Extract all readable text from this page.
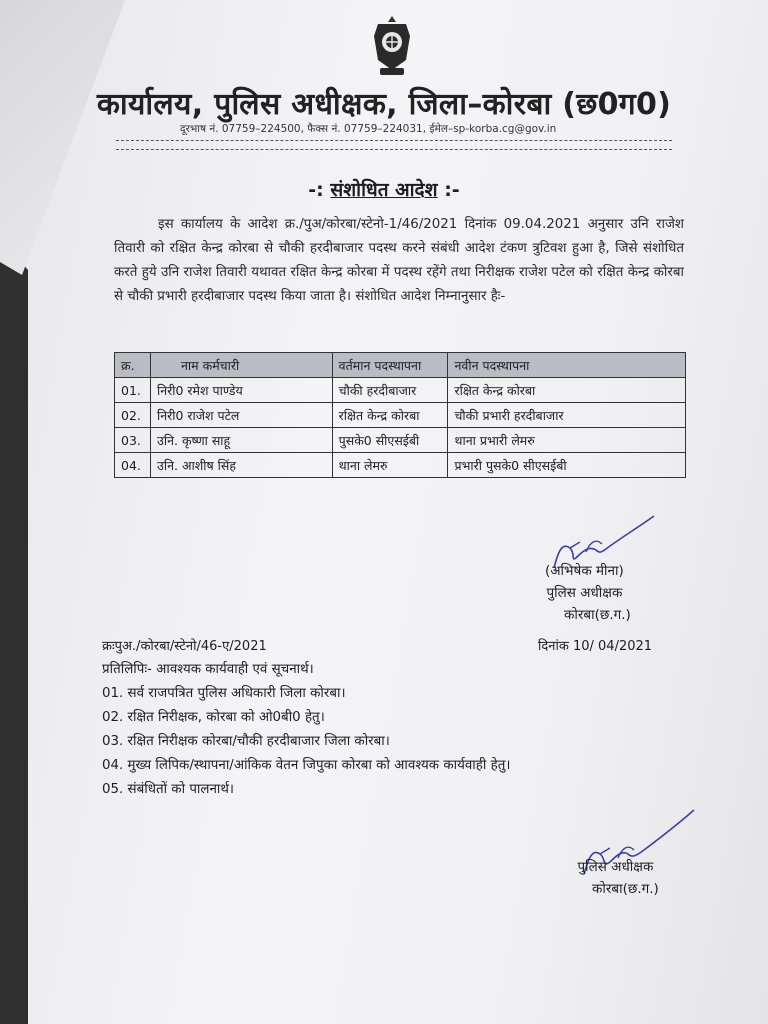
कार्यालय, पुलिस अधीक्षक, जिला–कोरबा (छ0ग0)
दूरभाष नं. 07759–224500, फैक्स नं. 07759–224031, ईमेल–sp-korba.cg@gov.in
-: संशोधित आदेश :-
इस कार्यालय के आदेश क्र./पुअ/कोरबा/स्टेनो-1/46/2021 दिनांक 09.04.2021 अनुसार उनि राजेश तिवारी को रक्षित केन्द्र कोरबा से चौकी हरदीबाजार पदस्थ करने संबंधी आदेश टंकण त्रुटिवश हुआ है, जिसे संशोधित करते हुये उनि राजेश तिवारी यथावत रक्षित केन्द्र कोरबा में पदस्थ रहेंगे तथा निरीक्षक राजेश पटेल को रक्षित केन्द्र कोरबा से चौकी प्रभारी हरदीबाजार पदस्थ किया जाता है। संशोधित आदेश निम्नानुसार हैः-
क्र.	नाम कर्मचारी	वर्तमान पदस्थापना	नवीन पदस्थापना
01.	निरी0 रमेश पाण्डेय	चौकी हरदीबाजार	रक्षित केन्द्र कोरबा
02.	निरी0 राजेश पटेल	रक्षित केन्द्र कोरबा	चौकी प्रभारी हरदीबाजार
03.	उनि. कृष्णा साहू	पुसके0 सीएसईबी	थाना प्रभारी लेमरु
04.	उनि. आशीष सिंह	थाना लेमरु	प्रभारी पुसके0 सीएसईबी
(अभिषेक मीना)
पुलिस अधीक्षक
कोरबा(छ.ग.)
क्रःपुअ./कोरबा/स्टेनो/46-ए/2021	दिनांक 10/ 04/2021
प्रतिलिपिः- आवश्यक कार्यवाही एवं सूचनार्थ।
01. सर्व राजपत्रित पुलिस अधिकारी जिला कोरबा।
02. रक्षित निरीक्षक, कोरबा को ओ0बी0 हेतु।
03. रक्षित निरीक्षक कोरबा/चौकी हरदीबाजार जिला कोरबा।
04. मुख्य लिपिक/स्थापना/आंकिक वेतन जिपुका कोरबा को आवश्यक कार्यवाही हेतु।
05. संबंधितों को पालनार्थ।
पुलिस अधीक्षक
कोरबा(छ.ग.)
